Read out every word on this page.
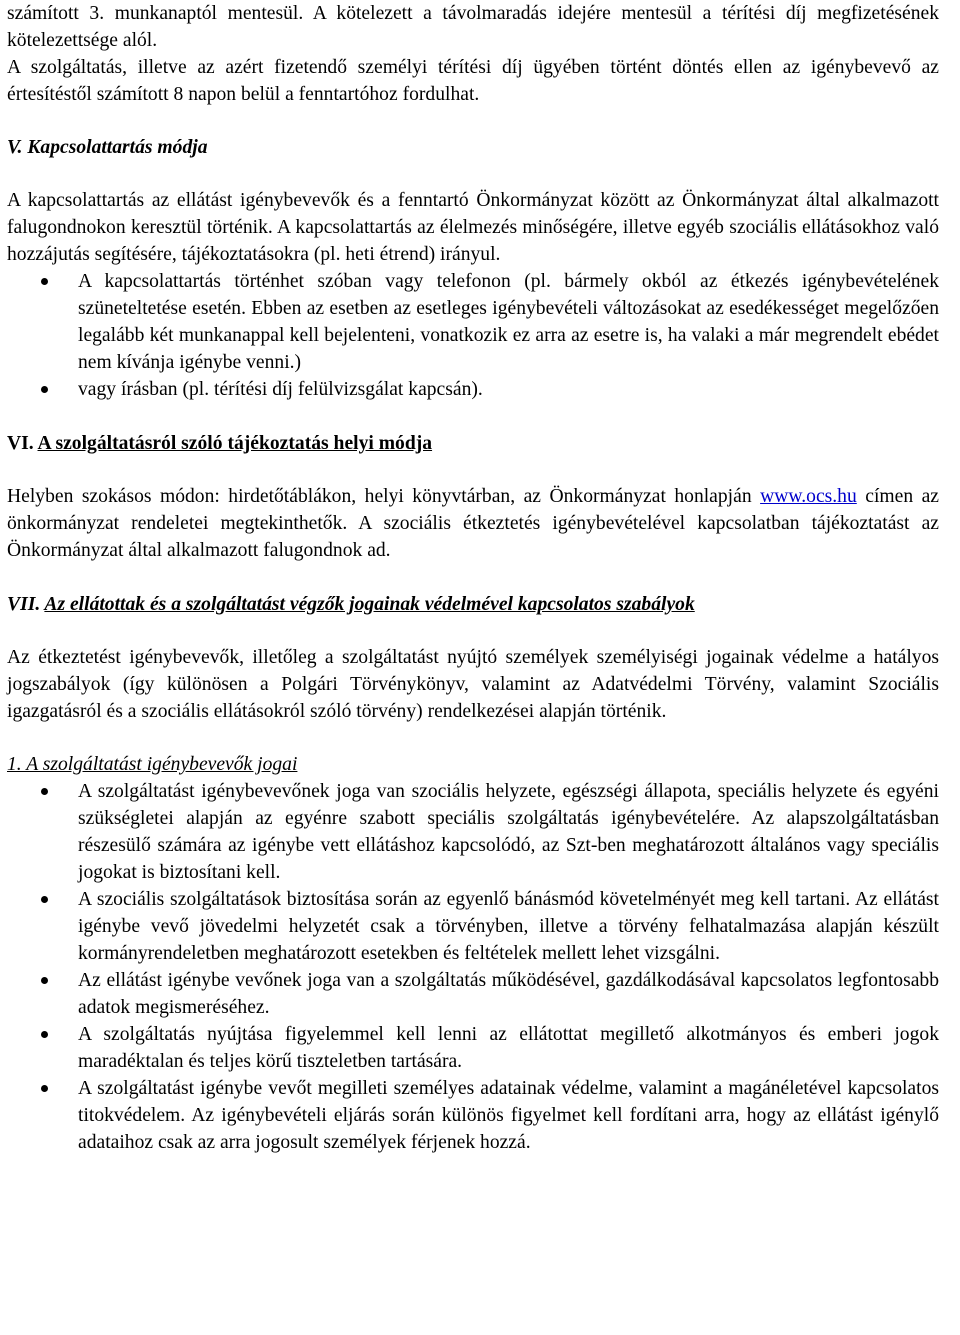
számított 3. munkanaptól mentesül. A kötelezett a távolmaradás idejére mentesül a térítési díj megfizetésének kötelezettsége alól.

A szolgáltatás, illetve az azért fizetendő személyi térítési díj ügyében történt döntés ellen az igénybevevő az értesítéstől számított 8 napon belül a fenntartóhoz fordulhat.

V. Kapcsolattartás módja

A kapcsolattartás az ellátást igénybevevők és a fenntartó Önkormányzat között az Önkormányzat által alkalmazott falugondnokon keresztül történik. A kapcsolattartás az élelmezés minőségére, illetve egyéb szociális ellátásokhoz való hozzájutás segítésére, tájékoztatásokra (pl. heti étrend) irányul.

A kapcsolattartás történhet szóban vagy telefonon (pl. bármely okból az étkezés igénybevételének szüneteltetése esetén. Ebben az esetben az esetleges igénybevételi változásokat az esedékességet megelőzően legalább két munkanappal kell bejelenteni, vonatkozik ez arra az esetre is, ha valaki a már megrendelt ebédet nem kívánja igénybe venni.)
vagy írásban (pl. térítési díj felülvizsgálat kapcsán).
VI. A szolgáltatásról szóló tájékoztatás helyi módja

Helyben szokásos módon: hirdetőtáblákon, helyi könyvtárban, az Önkormányzat honlapján www.ocs.hu címen az önkormányzat rendeletei megtekinthetők. A szociális étkeztetés igénybevételével kapcsolatban tájékoztatást az Önkormányzat által alkalmazott falugondnok ad.

VII. Az ellátottak és a szolgáltatást végzők jogainak védelmével kapcsolatos szabályok

Az étkeztetést igénybevevők, illetőleg a szolgáltatást nyújtó személyek személyiségi jogainak védelme a hatályos jogszabályok (így különösen a Polgári Törvénykönyv, valamint az Adatvédelmi Törvény, valamint Szociális igazgatásról és a szociális ellátásokról szóló törvény) rendelkezései alapján történik.

1. A szolgáltatást igénybevevők jogai
A szolgáltatást igénybevevőnek joga van szociális helyzete, egészségi állapota, speciális helyzete és egyéni szükségletei alapján az egyénre szabott speciális szolgáltatás igénybevételére. Az alapszolgáltatásban részesülő számára az igénybe vett ellátáshoz kapcsolódó, az Szt-ben meghatározott általános vagy speciális jogokat is biztosítani kell.
A szociális szolgáltatások biztosítása során az egyenlő bánásmód követelményét meg kell tartani. Az ellátást igénybe vevő jövedelmi helyzetét csak a törvényben, illetve a törvény felhatalmazása alapján készült kormányrendeletben meghatározott esetekben és feltételek mellett lehet vizsgálni.
Az ellátást igénybe vevőnek joga van a szolgáltatás működésével, gazdálkodásával kapcsolatos legfontosabb adatok megismeréséhez.
A szolgáltatás nyújtása figyelemmel kell lenni az ellátottat megillető alkotmányos és emberi jogok maradéktalan és teljes körű tiszteletben tartására.
A szolgáltatást igénybe vevőt megilleti személyes adatainak védelme, valamint a magánéletével kapcsolatos titokvédelem. Az igénybevételi eljárás során különös figyelmet kell fordítani arra, hogy az ellátást igénylő adataihoz csak az arra jogosult személyek férjenek hozzá.
